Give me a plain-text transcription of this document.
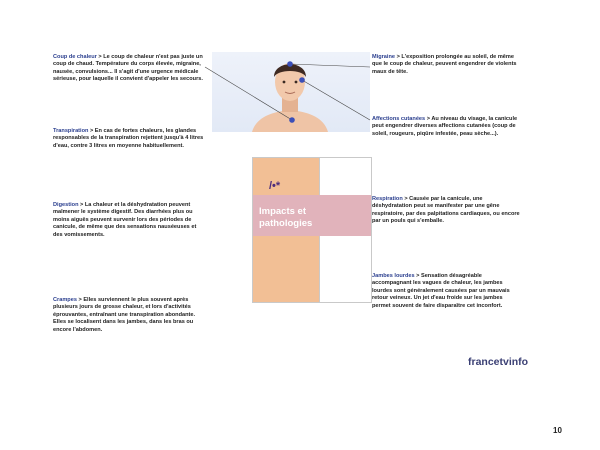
Coup de chaleur > Le coup de chaleur n'est pas juste un coup de chaud. Température du corps élevée, migraine, nausée, convulsions... Il s'agit d'une urgence médicale sérieuse, pour laquelle il convient d'appeler les secours.
Transpiration > En cas de fortes chaleurs, les glandes responsables de la transpiration rejettent jusqu'à 4 litres d'eau, contre 3 litres en moyenne habituellement.
Digestion > La chaleur et la déshydratation peuvent malmener le système digestif. Des diarrhées plus ou moins aiguës peuvent survenir lors des périodes de canicule, de même que des sensations nauséeuses et des vomissements.
Crampes > Elles surviennent le plus souvent après plusieurs jours de grosse chaleur, et lors d'activités éprouvantes, entraînant une transpiration abondante. Elles se localisent dans les jambes, dans les bras ou encore l'abdomen.
Migraine > L'exposition prolongée au soleil, de même que le coup de chaleur, peuvent engendrer de violents maux de tête.
Affections cutanées > Au niveau du visage, la canicule peut engendrer diverses affections cutanées (coup de soleil, rougeurs, piqûre infestée, peau sèche...).
Respiration > Causée par la canicule, une déshydratation peut se manifester par une gêne respiratoire, par des palpitations cardiaques, ou encore par un pouls qui s'emballe.
Jambes lourdes > Sensation désagréable accompagnant les vagues de chaleur, les jambes lourdes sont généralement causées par un mauvais retour veineux. Un jet d'eau froide sur les jambes permet souvent de faire disparaître cet inconfort.
/•*
Impacts et pathologies
francetvinfo
10
